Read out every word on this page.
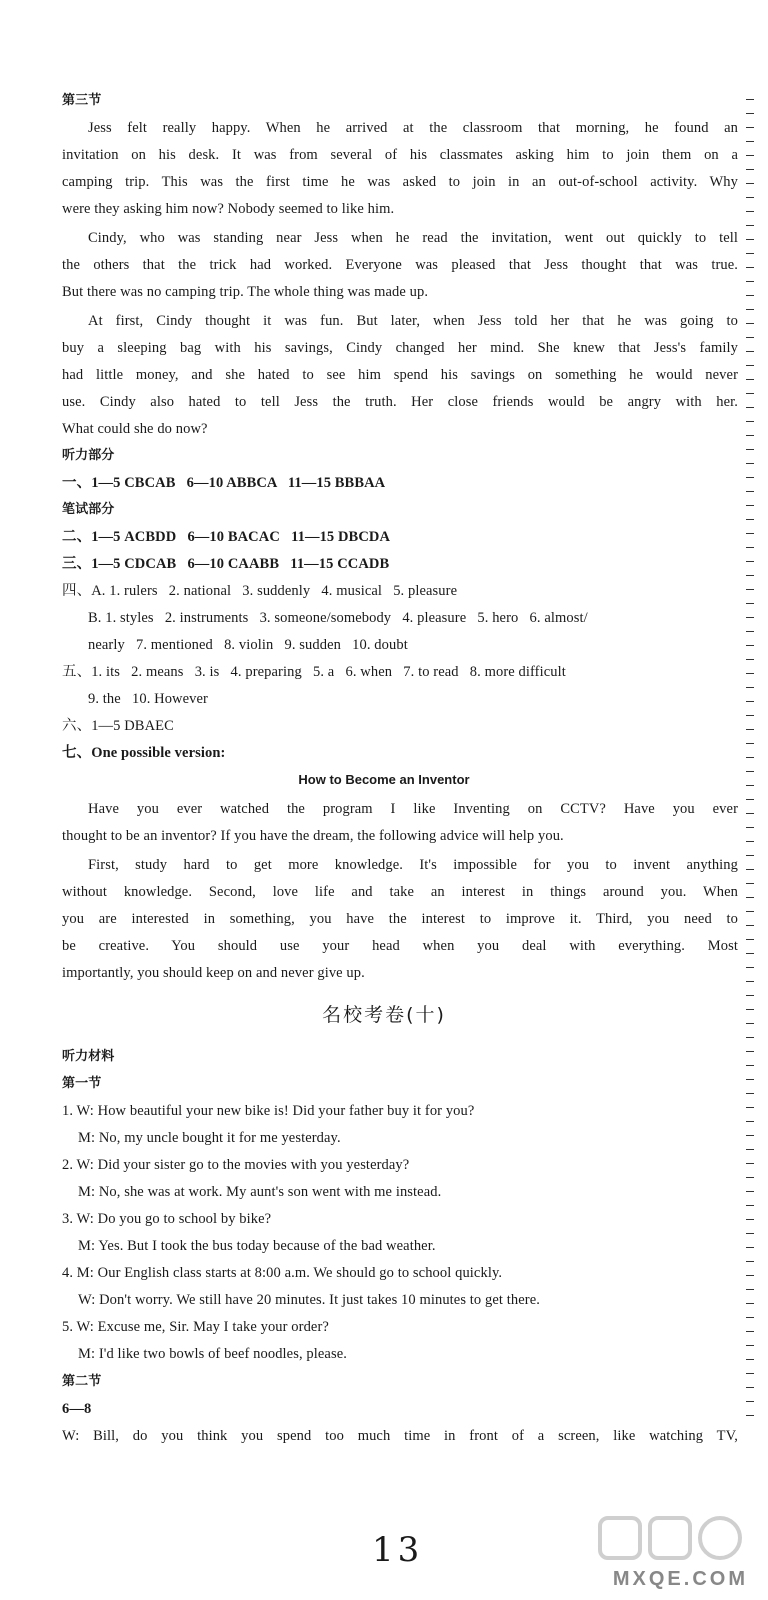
第三节
Jess felt really happy. When he arrived at the classroom that morning, he found an
invitation on his desk. It was from several of his classmates asking him to join them on a
camping trip. This was the first time he was asked to join in an out-of-school activity. Why
were they asking him now? Nobody seemed to like him.
Cindy, who was standing near Jess when he read the invitation, went out quickly to tell
the others that the trick had worked. Everyone was pleased that Jess thought that was true.
But there was no camping trip. The whole thing was made up.
At first, Cindy thought it was fun. But later, when Jess told her that he was going to
buy a sleeping bag with his savings, Cindy changed her mind. She knew that Jess's family
had little money, and she hated to see him spend his savings on something he would never
use. Cindy also hated to tell Jess the truth. Her close friends would be angry with her.
What could she do now?
听力部分
一、1—5 CBCAB   6—10 ABBCA   11—15 BBBAA
笔试部分
二、1—5 ACBDD   6—10 BACAC   11—15 DBCDA
三、1—5 CDCAB   6—10 CAABB   11—15 CCADB
四、A. 1. rulers   2. national   3. suddenly   4. musical   5. pleasure
B. 1. styles   2. instruments   3. someone/somebody   4. pleasure   5. hero   6. almost/
nearly   7. mentioned   8. violin   9. sudden   10. doubt
五、1. its   2. means   3. is   4. preparing   5. a   6. when   7. to read   8. more difficult
9. the   10. However
六、1—5 DBAEC
七、One possible version:
How to Become an Inventor
Have you ever watched the program I like Inventing on CCTV? Have you ever
thought to be an inventor? If you have the dream, the following advice will help you.
First, study hard to get more knowledge. It's impossible for you to invent anything
without knowledge. Second, love life and take an interest in things around you. When
you are interested in something, you have the interest to improve it. Third, you need to
be creative. You should use your head when you deal with everything. Most
importantly, you should keep on and never give up.
名校考卷(十)
听力材料
第一节
1. W: How beautiful your new bike is! Did your father buy it for you?
M: No, my uncle bought it for me yesterday.
2. W: Did your sister go to the movies with you yesterday?
M: No, she was at work. My aunt's son went with me instead.
3. W: Do you go to school by bike?
M: Yes. But I took the bus today because of the bad weather.
4. M: Our English class starts at 8:00 a.m. We should go to school quickly.
W: Don't worry. We still have 20 minutes. It just takes 10 minutes to get there.
5. W: Excuse me, Sir. May I take your order?
M: I'd like two bowls of beef noodles, please.
第二节
6—8
W: Bill, do you think you spend too much time in front of a screen, like watching TV,
13
MXQE.COM
